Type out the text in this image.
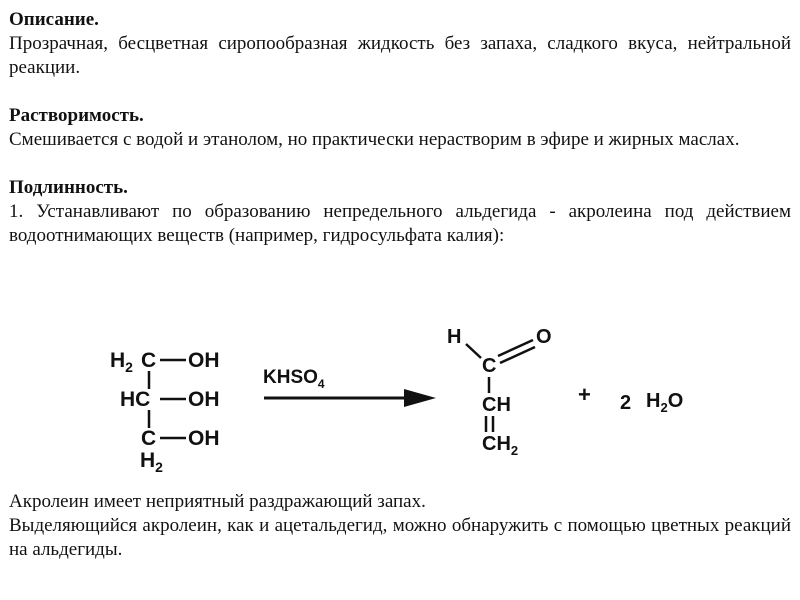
Описание.

Прозрачная, бесцветная сиропообразная жидкость без запаха, сладкого вкуса, нейтральной реакции.

Растворимость.

Смешивается с водой и этанолом, но практически нерастворим в эфире и жирных маслах.

Подлинность.

1. Устанавливают по образованию непредельного альдегида - акролеина под действием водоотнимающих веществ (например, гидросульфата калия):

$H_2$ C OH
HC OH
C OH
$H_2$
$KHSO_4$
H	O
C
CH
$CH_2$
+ 2 $H_2O$

Акролеин имеет неприятный раздражающий запах.

Выделяющийся акролеин, как и ацетальдегид, можно обнаружить с помощью цветных реакций на альдегиды.
